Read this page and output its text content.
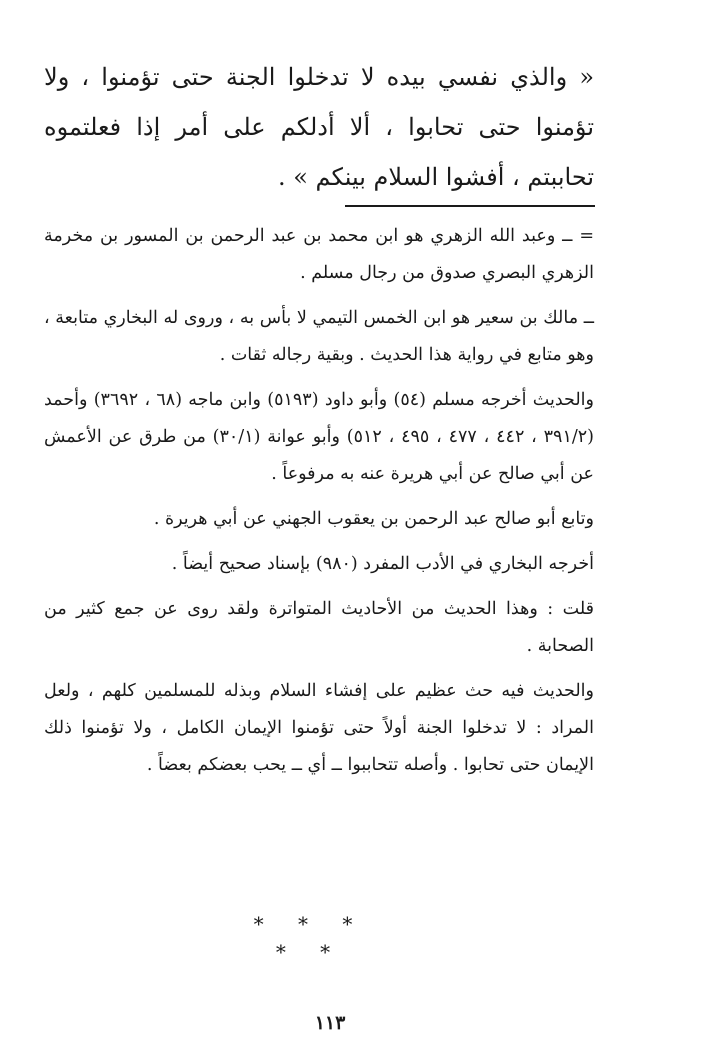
« والذي نفسي بيده لا تدخلوا الجنة حتى تؤمنوا ، ولا تؤمنوا حتى تحابوا ، ألا أدلكم على أمر إذا فعلتموه تحاببتم ، أفشوا السلام بينكم » .

= ــ وعبد الله الزهري هو ابن محمد بن عبد الرحمن بن المسور بن مخرمة الزهري البصري صدوق من رجال مسلم .

ــ مالك بن سعير هو ابن الخمس التيمي لا بأس به ، وروى له البخاري متابعة ، وهو متابع في رواية هذا الحديث . وبقية رجاله ثقات .

والحديث أخرجه مسلم (٥٤) وأبو داود (٥١٩٣) وابن ماجه (٦٨ ، ٣٦٩٢) وأحمد (٣٩١/٢ ، ٤٤٢ ، ٤٧٧ ، ٤٩٥ ، ٥١٢) وأبو عوانة (٣٠/١) من طرق عن الأعمش عن أبي صالح عن أبي هريرة عنه به مرفوعاً .

وتابع أبو صالح عبد الرحمن بن يعقوب الجهني عن أبي هريرة .

أخرجه البخاري في الأدب المفرد (٩٨٠) بإسناد صحيح أيضاً .

قلت : وهذا الحديث من الأحاديث المتواترة ولقد روى عن جمع كثير من الصحابة .

والحديث فيه حث عظيم على إفشاء السلام وبذله للمسلمين كلهم ، ولعل المراد : لا تدخلوا الجنة أولاً حتى تؤمنوا الإيمان الكامل ، ولا تؤمنوا ذلك الإيمان حتى تحابوا . وأصله تتحاببوا ــ أي ــ يحب بعضكم بعضاً .

* * *
* *
١١٣
